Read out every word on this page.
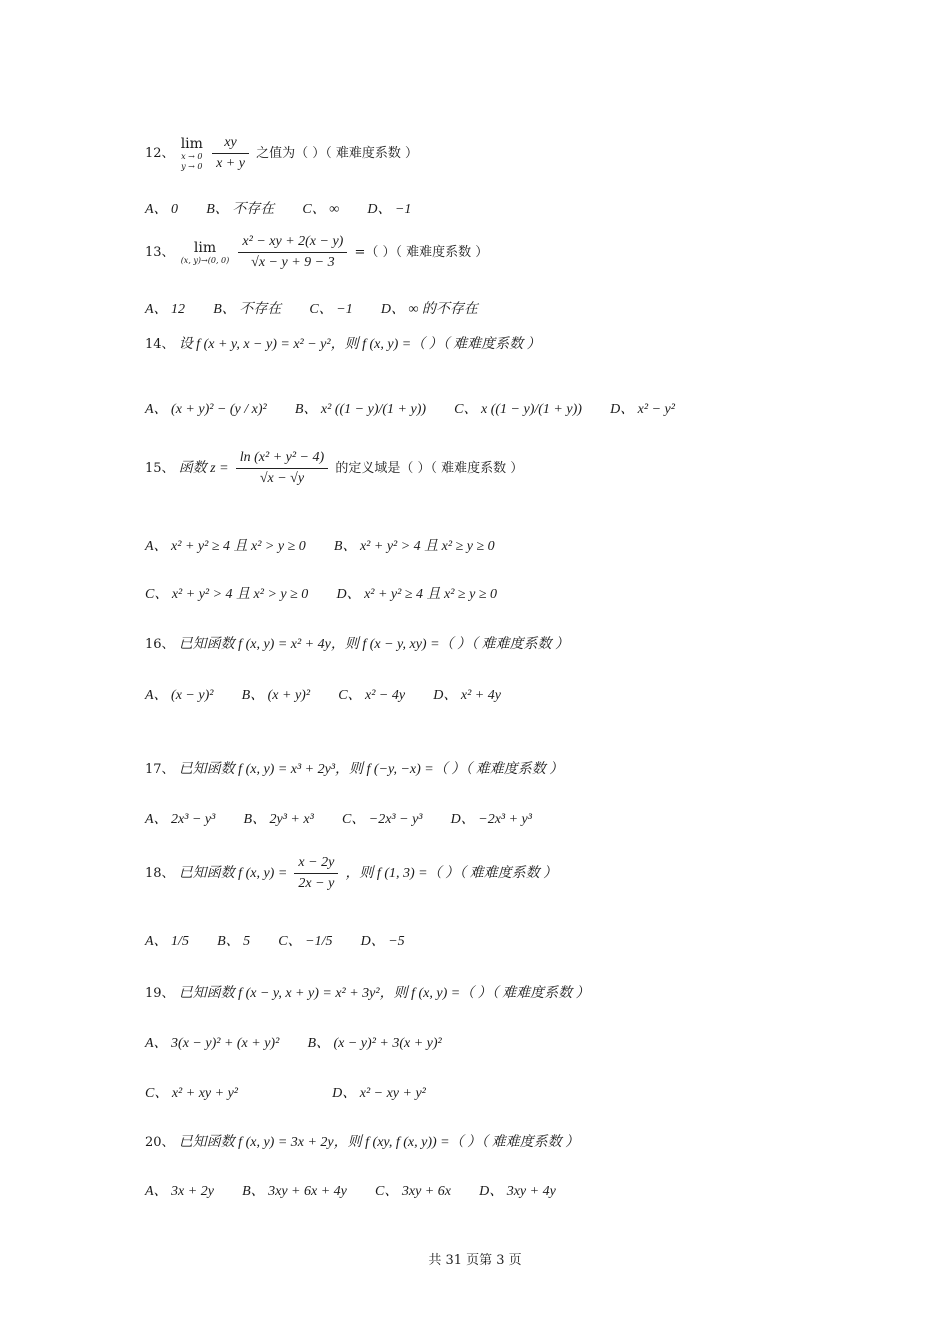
12、
lim
x → 0
y → 0
$\frac{xy}{x + y}$ 之值为（ ）（ 难难度系数 ）
A、 0 B、 不存在 C、 ∞ D、 −1
13、	lim
(x, y)→(0, 0)
$\frac{\text{x² − xy + 2(x − y)}}{√x - y + 9 - 3}$ =（ ）（ 难难度系数 ）
A、 12 B、 不存在 C、 −1 D、 ∞ 的不存在
14、 设 f (x + y, x − y) = x² − y²，则 f (x, y) =（ ）（ 难难度系数 ）
A、 (x + y)² − (y / x)² B、 x² ((1 − y)/(1 + y)) C、 x ((1 − y)/(1 + y)) D、 x² − y²
15、 函数 $z = \frac{\text{ln (x² + y² − 4)}}{√x - √y}$ 的定义域是（ ）（ 难难度系数 ）
A、 x² + y² ≥ 4 且 x² > y ≥ 0 B、 x² + y² > 4 且 x² ≥ y ≥ 0
C、 x² + y² > 4 且 x² > y ≥ 0 D、 x² + y² ≥ 4 且 x² ≥ y ≥ 0
16、 已知函数 f (x, y) = x² + 4y，则 f (x − y, xy) =（ ）（ 难难度系数 ）
A、 (x − y)² B、 (x + y)² C、 x² − 4y D、 x² + 4y
17、 已知函数 f (x, y) = x³ + 2y³，则 f (−y, −x) =（ ）（ 难难度系数 ）
A、 2x³ − y³ B、 2y³ + x³ C、 −2x³ − y³ D、 −2x³ + y³
18、 已知函数 f (x, $y) = \frac{x - 2y}{2x - y}$ ，则 f (1, 3) =（ ）（ 难难度系数 ）
A、 1/5 B、 5 C、 −1/5 D、 −5
19、 已知函数 f (x − y, x + y) = x² + 3y²，则 f (x, y) =（ ）（ 难难度系数 ）
A、 3(x − y)² + (x + y)² B、 (x − y)² + 3(x + y)²
C、 x² + xy + y²	D、 x² − xy + y²
20、 已知函数 f (x, y) = 3x + 2y，则 f (xy, f (x, y)) =（ ）（ 难难度系数 ）
A、 3x + 2y B、 3xy + 6x + 4y C、 3xy + 6x D、 3xy + 4y
共 31 页第 3 页
